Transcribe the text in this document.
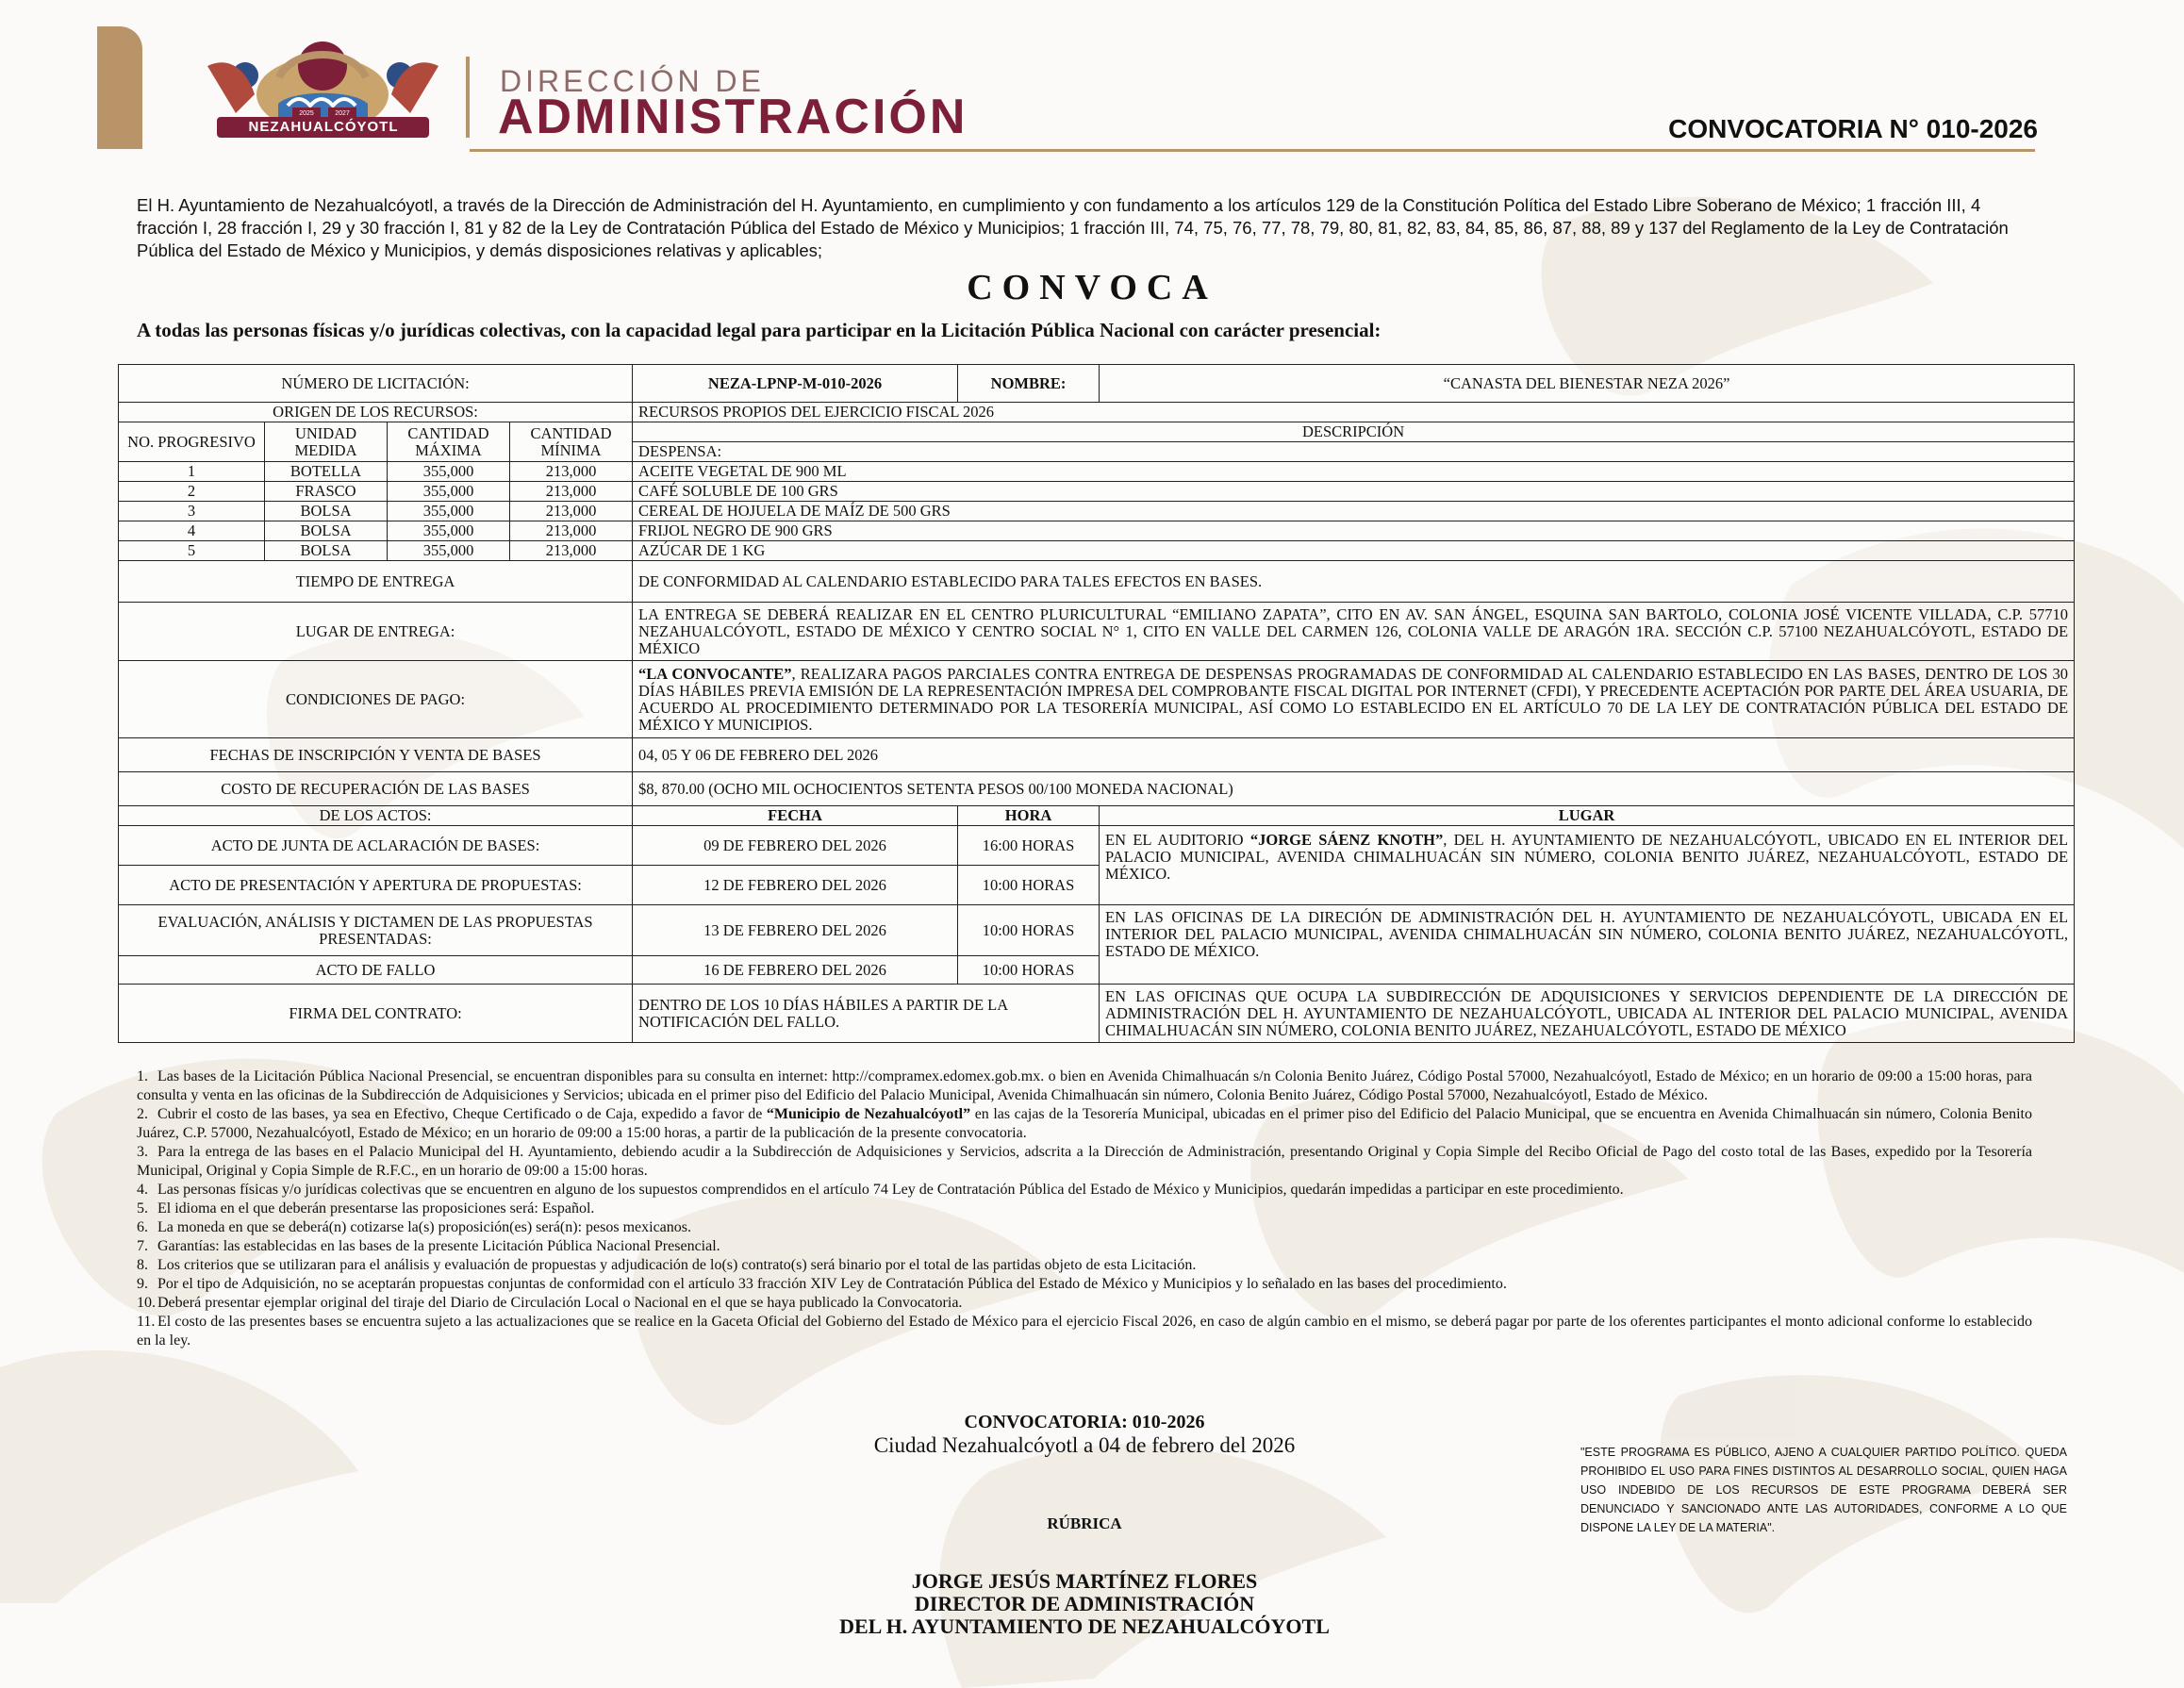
2025	2027
NEZAHUALCÓYOTL
DIRECCIÓN DE
ADMINISTRACIÓN	CONVOCATORIA N° 010-2026
El H. Ayuntamiento de Nezahualcóyotl, a través de la Dirección de Administración del H. Ayuntamiento, en cumplimiento y con fundamento a los artículos 129 de la Constitución Política del Estado Libre Soberano de México; 1 fracción III, 4 fracción I, 28 fracción I, 29 y 30 fracción I, 81 y 82 de la Ley de Contratación Pública del Estado de México y Municipios; 1 fracción III, 74, 75, 76, 77, 78, 79, 80, 81, 82, 83, 84, 85, 86, 87, 88, 89 y 137 del Reglamento de la Ley de Contratación Pública del Estado de México y Municipios, y demás disposiciones relativas y aplicables;
CONVOCA
A todas las personas físicas y/o jurídicas colectivas, con la capacidad legal para participar en la Licitación Pública Nacional con carácter presencial:
NÚMERO DE LICITACIÓN:				NEZA-LPNP-M-010-2026	NOMBRE:	“CANASTA DEL BIENESTAR NEZA 2026”
ORIGEN DE LOS RECURSOS:				RECURSOS PROPIOS DEL EJERCICIO FISCAL 2026		
NO. PROGRESIVO	UNIDAD MEDIDA	CANTIDAD MÁXIMA	CANTIDAD MÍNIMA	DESCRIPCIÓN		
				DESPENSA:		
1	BOTELLA	355,000	213,000	ACEITE VEGETAL DE 900 ML		
2	FRASCO	355,000	213,000	CAFÉ SOLUBLE DE 100 GRS		
3	BOLSA	355,000	213,000	CEREAL DE HOJUELA DE MAÍZ DE 500 GRS		
4	BOLSA	355,000	213,000	FRIJOL NEGRO DE 900 GRS		
5	BOLSA	355,000	213,000	AZÚCAR DE 1 KG		
TIEMPO DE ENTREGA				DE CONFORMIDAD AL CALENDARIO ESTABLECIDO PARA TALES EFECTOS EN BASES.		
LUGAR DE ENTREGA:				LA ENTREGA SE DEBERÁ REALIZAR EN EL CENTRO PLURICULTURAL “EMILIANO ZAPATA”, CITO EN AV. SAN ÁNGEL, ESQUINA SAN BARTOLO, COLONIA JOSÉ VICENTE VILLADA, C.P. 57710 NEZAHUALCÓYOTL, ESTADO DE MÉXICO Y CENTRO SOCIAL N° 1, CITO EN VALLE DEL CARMEN 126, COLONIA VALLE DE ARAGÓN 1RA. SECCIÓN C.P. 57100 NEZAHUALCÓYOTL, ESTADO DE MÉXICO		
CONDICIONES DE PAGO:				“LA CONVOCANTE”, REALIZARA PAGOS PARCIALES CONTRA ENTREGA DE DESPENSAS PROGRAMADAS DE CONFORMIDAD AL CALENDARIO ESTABLECIDO EN LAS BASES, DENTRO DE LOS 30 DÍAS HÁBILES PREVIA EMISIÓN DE LA REPRESENTACIÓN IMPRESA DEL COMPROBANTE FISCAL DIGITAL POR INTERNET (CFDI), Y PRECEDENTE ACEPTACIÓN POR PARTE DEL ÁREA USUARIA, DE ACUERDO AL PROCEDIMIENTO DETERMINADO POR LA TESORERÍA MUNICIPAL, ASÍ COMO LO ESTABLECIDO EN EL ARTÍCULO 70 DE LA LEY DE CONTRATACIÓN PÚBLICA DEL ESTADO DE MÉXICO Y MUNICIPIOS.		
FECHAS DE INSCRIPCIÓN Y VENTA DE BASES				04, 05 Y 06 DE FEBRERO DEL 2026		
COSTO DE RECUPERACIÓN DE LAS BASES				$8, 870.00 (OCHO MIL OCHOCIENTOS SETENTA PESOS 00/100 MONEDA NACIONAL)		
DE LOS ACTOS:				FECHA	HORA	LUGAR
ACTO DE JUNTA DE ACLARACIÓN DE BASES:				09 DE FEBRERO DEL 2026	16:00 HORAS	EN EL AUDITORIO “JORGE SÁENZ KNOTH”, DEL H. AYUNTAMIENTO DE NEZAHUALCÓYOTL, UBICADO EN EL INTERIOR DEL PALACIO MUNICIPAL, AVENIDA CHIMALHUACÁN SIN NÚMERO, COLONIA BENITO JUÁREZ, NEZAHUALCÓYOTL, ESTADO DE MÉXICO.
ACTO DE PRESENTACIÓN Y APERTURA DE PROPUESTAS:				12 DE FEBRERO DEL 2026	10:00 HORAS	
EVALUACIÓN, ANÁLISIS Y DICTAMEN DE LAS PROPUESTAS PRESENTADAS:				13 DE FEBRERO DEL 2026	10:00 HORAS	EN LAS OFICINAS DE LA DIRECIÓN DE ADMINISTRACIÓN DEL H. AYUNTAMIENTO DE NEZAHUALCÓYOTL, UBICADA EN EL INTERIOR DEL PALACIO MUNICIPAL, AVENIDA CHIMALHUACÁN SIN NÚMERO, COLONIA BENITO JUÁREZ, NEZAHUALCÓYOTL, ESTADO DE MÉXICO.
ACTO DE FALLO				16 DE FEBRERO DEL 2026	10:00 HORAS	
FIRMA DEL CONTRATO:				DENTRO DE LOS 10 DÍAS HÁBILES A PARTIR DE LA NOTIFICACIÓN DEL FALLO.		EN LAS OFICINAS QUE OCUPA LA SUBDIRECCIÓN DE ADQUISICIONES Y SERVICIOS DEPENDIENTE DE LA DIRECCIÓN DE ADMINISTRACIÓN DEL H. AYUNTAMIENTO DE NEZAHUALCÓYOTL, UBICADA AL INTERIOR DEL PALACIO MUNICIPAL, AVENIDA CHIMALHUACÁN SIN NÚMERO, COLONIA BENITO JUÁREZ, NEZAHUALCÓYOTL, ESTADO DE MÉXICO
1. Las bases de la Licitación Pública Nacional Presencial, se encuentran disponibles para su consulta en internet: http://compramex.edomex.gob.mx. o bien en Avenida Chimalhuacán s/n Colonia Benito Juárez, Código Postal 57000, Nezahualcóyotl, Estado de México; en un horario de 09:00 a 15:00 horas, para consulta y venta en las oficinas de la Subdirección de Adquisiciones y Servicios; ubicada en el primer piso del Edificio del Palacio Municipal, Avenida Chimalhuacán sin número, Colonia Benito Juárez, Código Postal 57000, Nezahualcóyotl, Estado de México.
2. Cubrir el costo de las bases, ya sea en Efectivo, Cheque Certificado o de Caja, expedido a favor de “Municipio de Nezahualcóyotl” en las cajas de la Tesorería Municipal, ubicadas en el primer piso del Edificio del Palacio Municipal, que se encuentra en Avenida Chimalhuacán sin número, Colonia Benito Juárez, C.P. 57000, Nezahualcóyotl, Estado de México; en un horario de 09:00 a 15:00 horas, a partir de la publicación de la presente convocatoria.
3. Para la entrega de las bases en el Palacio Municipal del H. Ayuntamiento, debiendo acudir a la Subdirección de Adquisiciones y Servicios, adscrita a la Dirección de Administración, presentando Original y Copia Simple del Recibo Oficial de Pago del costo total de las Bases, expedido por la Tesorería Municipal, Original y Copia Simple de R.F.C., en un horario de 09:00 a 15:00 horas.
4. Las personas físicas y/o jurídicas colectivas que se encuentren en alguno de los supuestos comprendidos en el artículo 74 Ley de Contratación Pública del Estado de México y Municipios, quedarán impedidas a participar en este procedimiento.
5. El idioma en el que deberán presentarse las proposiciones será: Español.
6. La moneda en que se deberá(n) cotizarse la(s) proposición(es) será(n): pesos mexicanos.
7. Garantías: las establecidas en las bases de la presente Licitación Pública Nacional Presencial.
8. Los criterios que se utilizaran para el análisis y evaluación de propuestas y adjudicación de lo(s) contrato(s) será binario por el total de las partidas objeto de esta Licitación.
9. Por el tipo de Adquisición, no se aceptarán propuestas conjuntas de conformidad con el artículo 33 fracción XIV Ley de Contratación Pública del Estado de México y Municipios y lo señalado en las bases del procedimiento.
10. Deberá presentar ejemplar original del tiraje del Diario de Circulación Local o Nacional en el que se haya publicado la Convocatoria.
11. El costo de las presentes bases se encuentra sujeto a las actualizaciones que se realice en la Gaceta Oficial del Gobierno del Estado de México para el ejercicio Fiscal 2026, en caso de algún cambio en el mismo, se deberá pagar por parte de los oferentes participantes el monto adicional conforme lo establecido en la ley.
CONVOCATORIA: 010-2026
Ciudad Nezahualcóyotl a 04 de febrero del 2026	"ESTE PROGRAMA ES PÚBLICO, AJENO A CUALQUIER PARTIDO POLÍTICO. QUEDA PROHIBIDO EL USO PARA FINES DISTINTOS AL DESARROLLO SOCIAL, QUIEN HAGA USO INDEBIDO DE LOS RECURSOS DE ESTE PROGRAMA DEBERÁ SER DENUNCIADO Y SANCIONADO ANTE LAS AUTORIDADES, CONFORME A LO QUE DISPONE LA LEY DE LA MATERIA".
RÚBRICA
JORGE JESÚS MARTÍNEZ FLORES
DIRECTOR DE ADMINISTRACIÓN
DEL H. AYUNTAMIENTO DE NEZAHUALCÓYOTL
